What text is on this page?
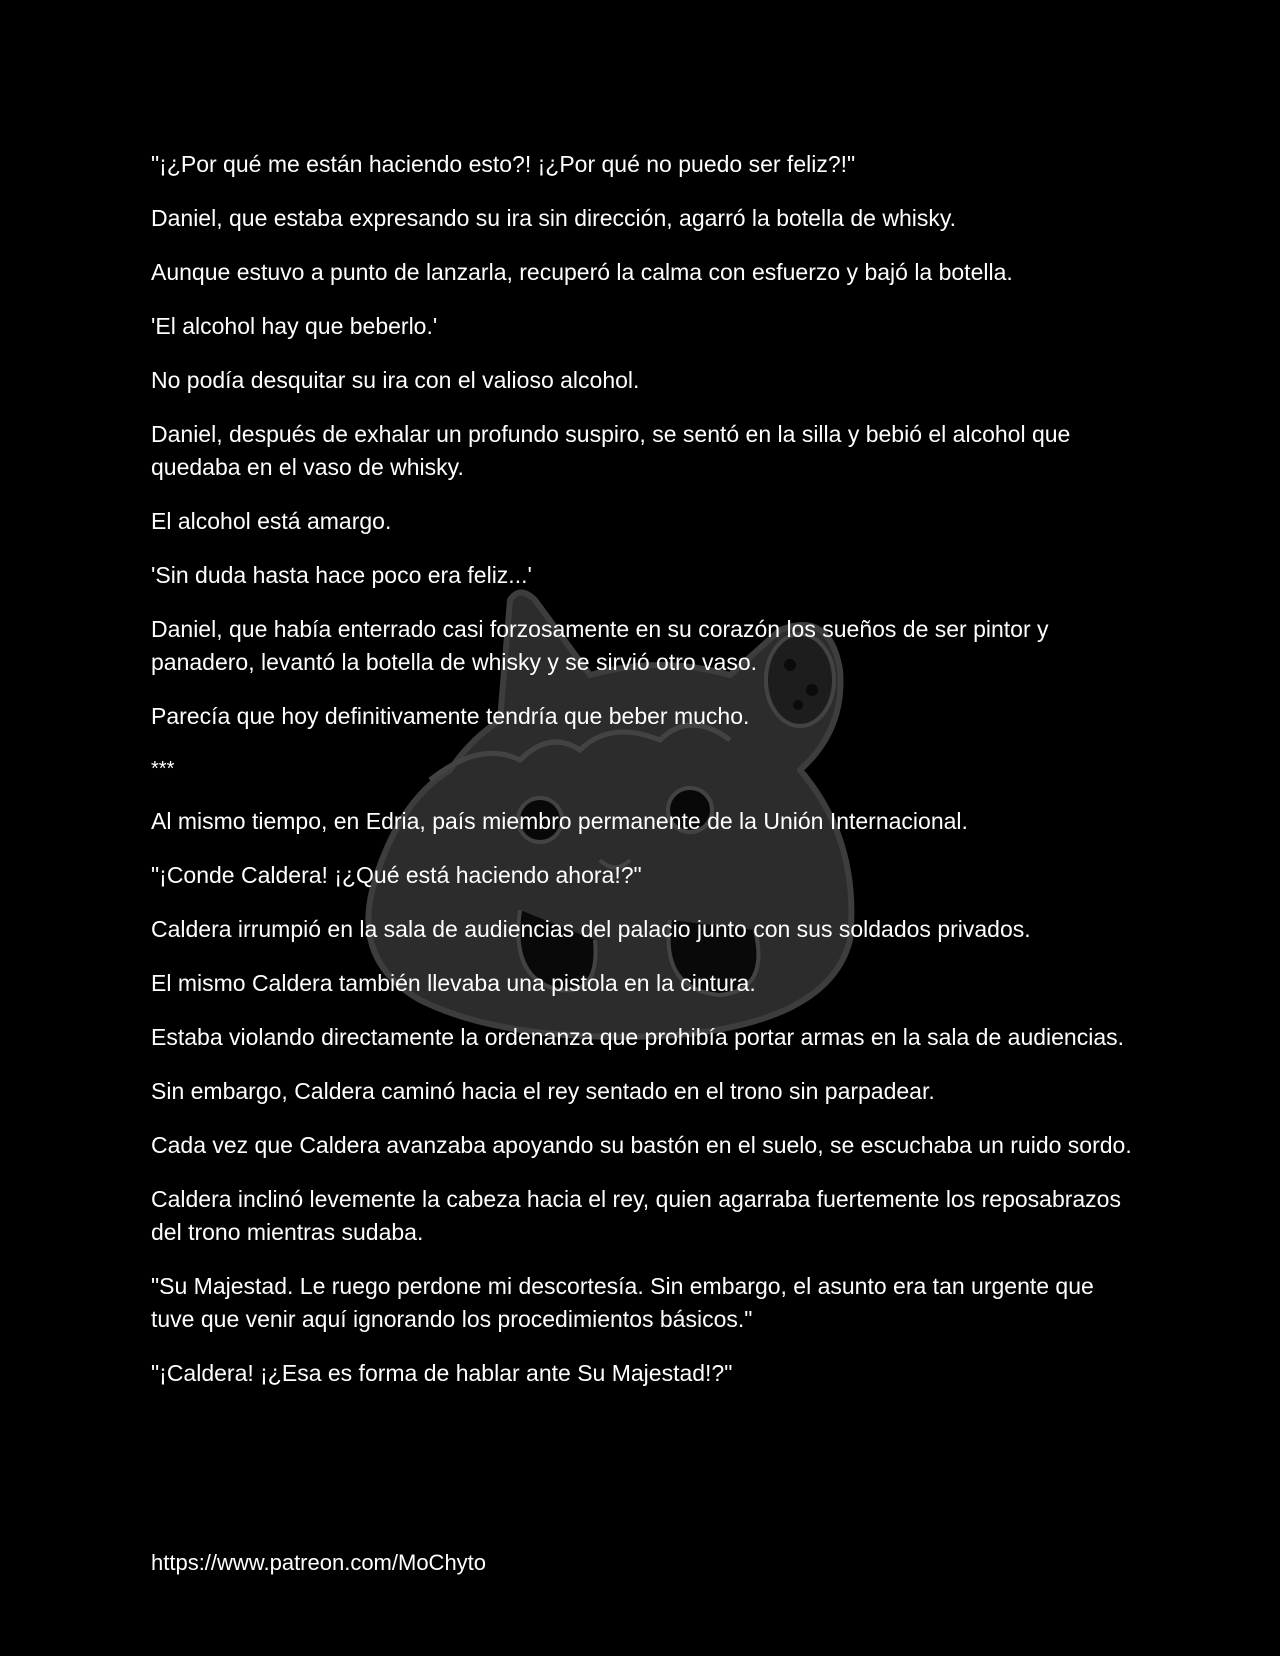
"¡¿Por qué me están haciendo esto?! ¡¿Por qué no puedo ser feliz?!"

Daniel, que estaba expresando su ira sin dirección, agarró la botella de whisky.

Aunque estuvo a punto de lanzarla, recuperó la calma con esfuerzo y bajó la botella.

'El alcohol hay que beberlo.'

No podía desquitar su ira con el valioso alcohol.

Daniel, después de exhalar un profundo suspiro, se sentó en la silla y bebió el alcohol que quedaba en el vaso de whisky.

El alcohol está amargo.

'Sin duda hasta hace poco era feliz...'

Daniel, que había enterrado casi forzosamente en su corazón los sueños de ser pintor y panadero, levantó la botella de whisky y se sirvió otro vaso.

Parecía que hoy definitivamente tendría que beber mucho.

***

Al mismo tiempo, en Edria, país miembro permanente de la Unión Internacional.

"¡Conde Caldera! ¡¿Qué está haciendo ahora!?"

Caldera irrumpió en la sala de audiencias del palacio junto con sus soldados privados.

El mismo Caldera también llevaba una pistola en la cintura.

Estaba violando directamente la ordenanza que prohibía portar armas en la sala de audiencias.

Sin embargo, Caldera caminó hacia el rey sentado en el trono sin parpadear.

Cada vez que Caldera avanzaba apoyando su bastón en el suelo, se escuchaba un ruido sordo.

Caldera inclinó levemente la cabeza hacia el rey, quien agarraba fuertemente los reposabrazos del trono mientras sudaba.

"Su Majestad. Le ruego perdone mi descortesía. Sin embargo, el asunto era tan urgente que tuve que venir aquí ignorando los procedimientos básicos."

"¡Caldera! ¡¿Esa es forma de hablar ante Su Majestad!?"

https://www.patreon.com/MoChyto
